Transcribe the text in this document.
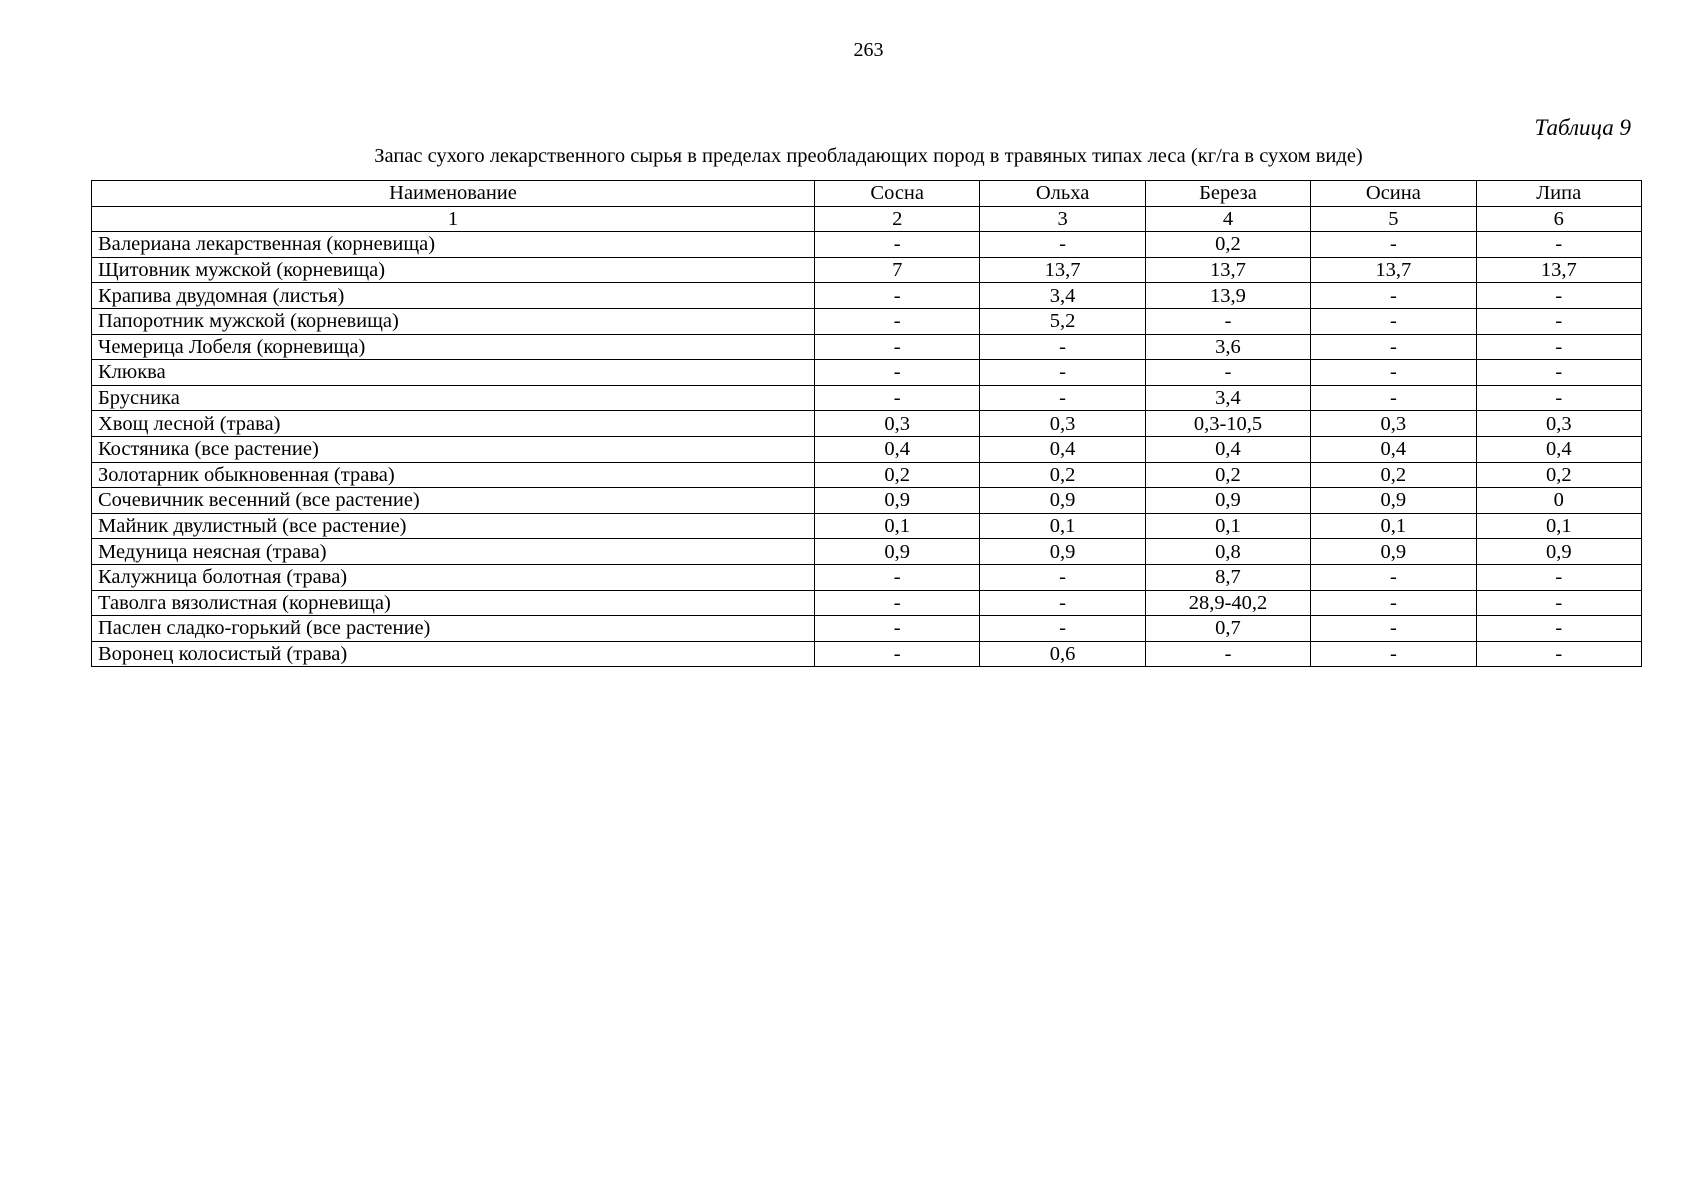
263
Таблица 9
Запас сухого лекарственного сырья в пределах преобладающих пород в травяных типах леса (кг/га в сухом виде)
Наименование	Сосна	Ольха	Береза	Осина	Липа
1	2	3	4	5	6
Валериана лекарственная (корневища)	-	-	0,2	-	-
Щитовник мужской (корневища)	7	13,7	13,7	13,7	13,7
Крапива двудомная (листья)	-	3,4	13,9	-	-
Папоротник мужской (корневища)	-	5,2	-	-	-
Чемерица Лобеля (корневища)	-	-	3,6	-	-
Клюква	-	-	-	-	-
Брусника	-	-	3,4	-	-
Хвощ лесной (трава)	0,3	0,3	0,3-10,5	0,3	0,3
Костяника (все растение)	0,4	0,4	0,4	0,4	0,4
Золотарник обыкновенная (трава)	0,2	0,2	0,2	0,2	0,2
Сочевичник весенний (все растение)	0,9	0,9	0,9	0,9	0
Майник двулистный (все растение)	0,1	0,1	0,1	0,1	0,1
Медуница неясная (трава)	0,9	0,9	0,8	0,9	0,9
Калужница болотная (трава)	-	-	8,7	-	-
Таволга вязолистная (корневища)	-	-	28,9-40,2	-	-
Паслен сладко-горький (все растение)	-	-	0,7	-	-
Воронец колосистый (трава)	-	0,6	-	-	-
